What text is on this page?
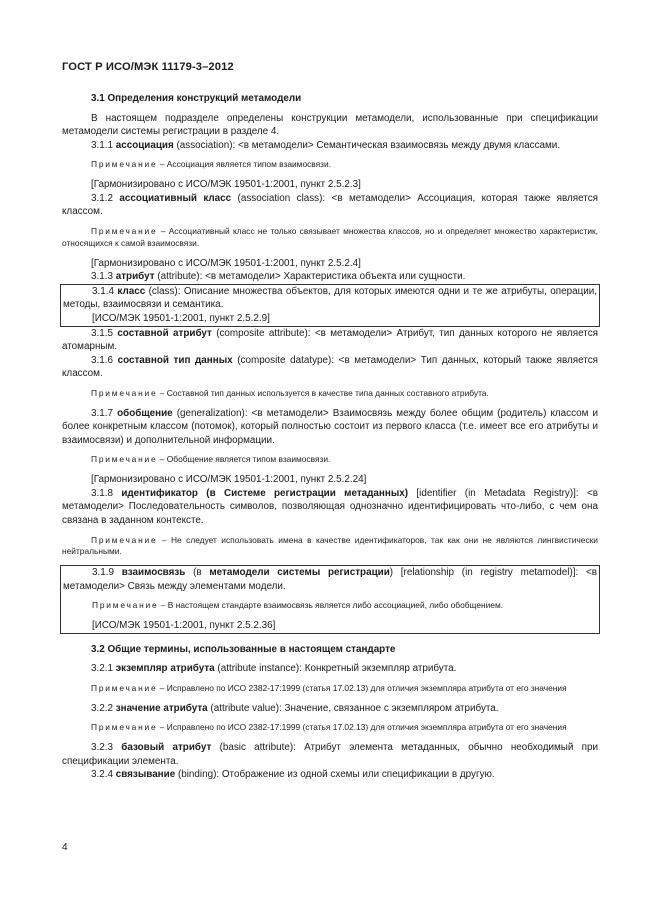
ГОСТ Р ИСО/МЭК 11179-3–2012

3.1 Определения конструкций метамодели

В настоящем подразделе определены конструкции метамодели, использованные при спецификации метамодели системы регистрации в разделе 4.

3.1.1 ассоциация (association): <в метамодели> Семантическая взаимосвязь между двумя классами.

Примечание – Ассоциация является типом взаимосвязи.

[Гармонизировано с ИСО/МЭК 19501-1:2001, пункт 2.5.2.3]

3.1.2 ассоциативный класс (association class): <в метамодели> Ассоциация, которая также является классом.

Примечание – Ассоциативный класс не только связывает множества классов, но и определяет множество характеристик, относящихся к самой взаимосвязи.

[Гармонизировано с ИСО/МЭК 19501-1:2001, пункт 2.5.2.4]

3.1.3 атрибут (attribute): <в метамодели> Характеристика объекта или сущности.

3.1.4 класс (class): Описание множества объектов, для которых имеются одни и те же атрибуты, операции, методы, взаимосвязи и семантика.

[ИСО/МЭК 19501-1:2001, пункт 2.5.2.9]

3.1.5 составной атрибут (composite attribute): <в метамодели> Атрибут, тип данных которого не является атомарным.

3.1.6 составной тип данных (composite datatype): <в метамодели> Тип данных, который также является классом.

Примечание – Составной тип данных используется в качестве типа данных составного атрибута.

3.1.7 обобщение (generalization): <в метамодели> Взаимосвязь между более общим (родитель) классом и более конкретным классом (потомок), который полностью состоит из первого класса (т.е. имеет все его атрибуты и взаимосвязи) и дополнительной информации.

Примечание – Обобщение является типом взаимосвязи.

[Гармонизировано с ИСО/МЭК 19501-1:2001, пункт 2.5.2.24]

3.1.8 идентификатор (в Системе регистрации метаданных) [identifier (in Metadata Registry)]: <в метамодели> Последовательность символов, позволяющая однозначно идентифицировать что-либо, с чем она связана в заданном контексте.

Примечание – Не следует использовать имена в качестве идентификаторов, так как они не являются лингвистически нейтральными.

3.1.9 взаимосвязь (в метамодели системы регистрации) [relationship (in registry metamodel)]: <в метамодели> Связь между элементами модели.

Примечание – В настоящем стандарте взаимосвязь является либо ассоциацией, либо обобщением.

[ИСО/МЭК 19501-1:2001, пункт 2.5.2.36]

3.2 Общие термины, использованные в настоящем стандарте

3.2.1 экземпляр атрибута (attribute instance): Конкретный экземпляр атрибута.

Примечание – Исправлено по ИСО 2382-17:1999 (статья 17.02.13) для отличия экземпляра атрибута от его значения

3.2.2 значение атрибута (attribute value): Значение, связанное с экземпляром атрибута.

Примечание – Исправлено по ИСО 2382-17:1999 (статья 17.02.13) для отличия экземпляра атрибута от его значения

3.2.3 базовый атрибут (basic attribute): Атрибут элемента метаданных, обычно необходимый при спецификации элемента.

3.2.4 связывание (binding): Отображение из одной схемы или спецификации в другую.

4
